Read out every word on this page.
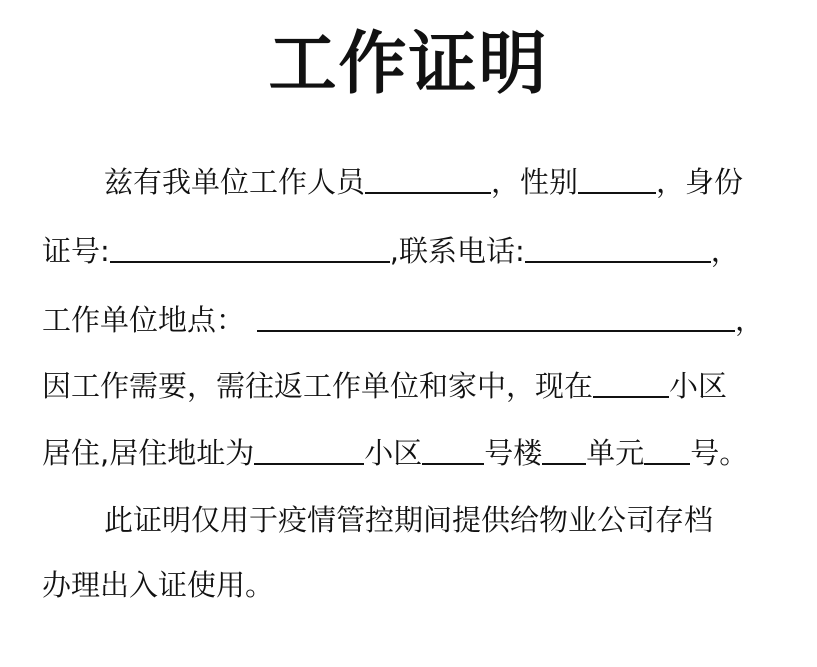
工作证明
兹有我单位工作人员	，性别	，身份
证号:	,联系电话:	，
工作单位地点：	，
因工作需要，需往返工作单位和家中，现在	小区
居住,居住地址为	小区 号楼 单元 号。
此证明仅用于疫情管控期间提供给物业公司存档
办理出入证使用。
